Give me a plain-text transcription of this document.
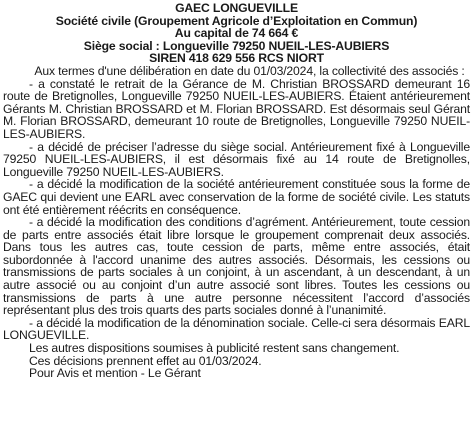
GAEC LONGUEVILLE

Société civile (Groupement Agricole d’Exploitation en Commun)

Au capital de 74 664 €

Siège social : Longueville 79250 NUEIL-LES-AUBIERS

SIREN 418 629 556 RCS NIORT

Aux termes d'une délibération en date du 01/03/2024, la collectivité des associés :

- a constaté le retrait de la Gérance de M. Christian BROSSARD demeurant 16 route de Bretignolles, Longueville 79250 NUEIL-LES-AUBIERS. Étaient antérieurement Gérants M. Christian BROSSARD et M. Florian BROSSARD. Est désormais seul Gérant M. Florian BROSSARD, demeurant 10 route de Bretignolles, Longueville 79250 NUEIL-LES-AUBIERS.

- a décidé de préciser l’adresse du siège social. Antérieurement fixé à Longueville 79250 NUEIL-LES-AUBIERS, il est désormais fixé au 14 route de Bretignolles, Longueville 79250 NUEIL-LES-AUBIERS.

- a décidé la modification de la société antérieurement constituée sous la forme de GAEC qui devient une EARL avec conservation de la forme de société civile. Les statuts ont été entièrement réécrits en conséquence.

- a décidé la modification des conditions d’agrément. Antérieurement, toute cession de parts entre associés était libre lorsque le groupement comprenait deux associés. Dans tous les autres cas, toute cession de parts, même entre associés, était subordonnée à l'accord unanime des autres associés. Désormais, les cessions ou transmissions de parts sociales à un conjoint, à un ascendant, à un descendant, à un autre associé ou au conjoint d’un autre associé sont libres. Toutes les cessions ou transmissions de parts à une autre personne nécessitent l’accord d’associés représentant plus des trois quarts des parts sociales donné à l’unanimité.

- a décidé la modification de la dénomination sociale. Celle-ci sera désormais EARL LONGUEVILLE.

Les autres dispositions soumises à publicité restent sans changement.

Ces décisions prennent effet au 01/03/2024.

Pour Avis et mention - Le Gérant
